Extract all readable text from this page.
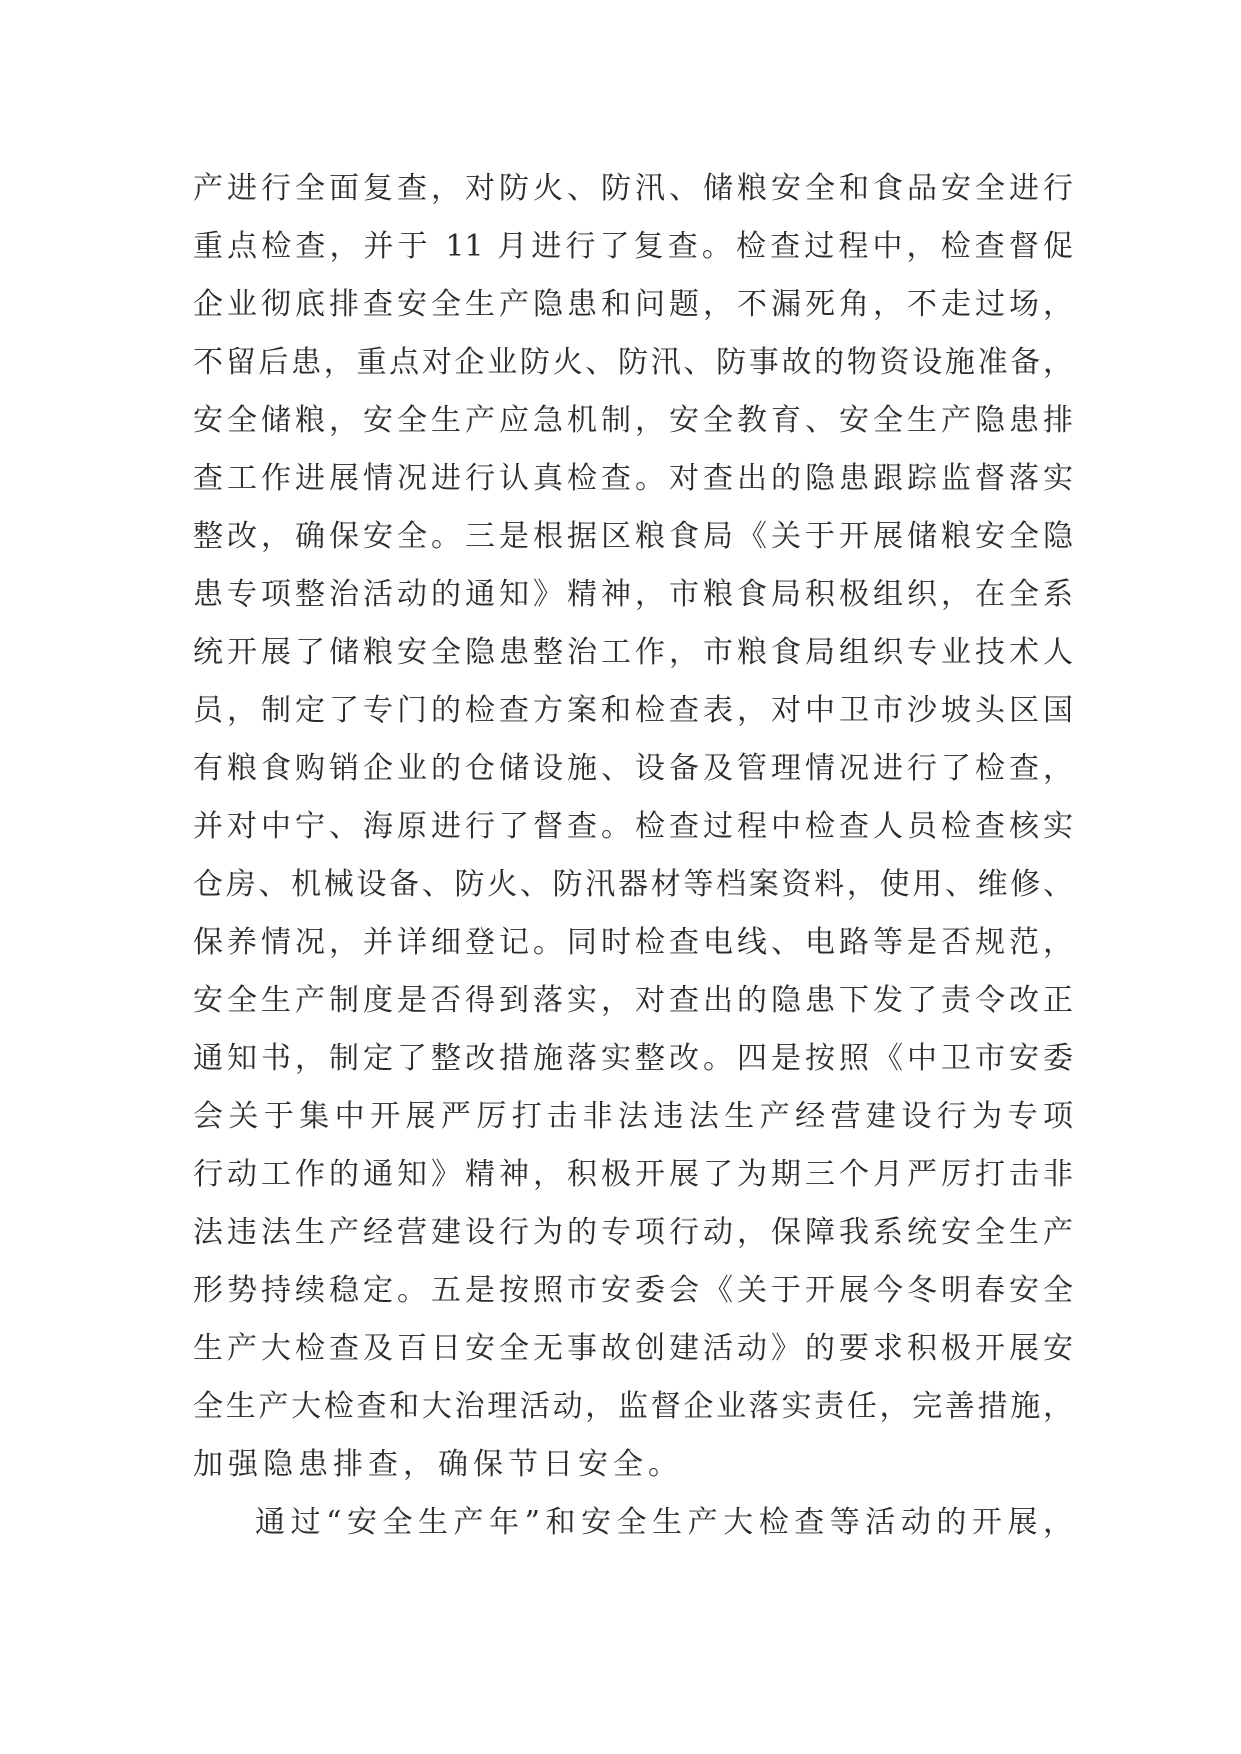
产进行全面复查，对防火、防汛、储粮安全和食品安全进行
重点检查，并于 11 月进行了复查。检查过程中，检查督促
企业彻底排查安全生产隐患和问题，不漏死角，不走过场，
不留后患，重点对企业防火、防汛、防事故的物资设施准备，
安全储粮，安全生产应急机制，安全教育、安全生产隐患排
查工作进展情况进行认真检查。对查出的隐患跟踪监督落实
整改，确保安全。三是根据区粮食局《关于开展储粮安全隐
患专项整治活动的通知》精神，市粮食局积极组织，在全系
统开展了储粮安全隐患整治工作，市粮食局组织专业技术人
员，制定了专门的检查方案和检查表，对中卫市沙坡头区国
有粮食购销企业的仓储设施、设备及管理情况进行了检查，
并对中宁、海原进行了督查。检查过程中检查人员检查核实
仓房、机械设备、防火、防汛器材等档案资料，使用、维修、
保养情况，并详细登记。同时检查电线、电路等是否规范，
安全生产制度是否得到落实，对查出的隐患下发了责令改正
通知书，制定了整改措施落实整改。四是按照《中卫市安委
会关于集中开展严厉打击非法违法生产经营建设行为专项
行动工作的通知》精神，积极开展了为期三个月严厉打击非
法违法生产经营建设行为的专项行动，保障我系统安全生产
形势持续稳定。五是按照市安委会《关于开展今冬明春安全
生产大检查及百日安全无事故创建活动》的要求积极开展安
全生产大检查和大治理活动，监督企业落实责任，完善措施，
加强隐患排查，确保节日安全。
通过“安全生产年”和安全生产大检查等活动的开展，
